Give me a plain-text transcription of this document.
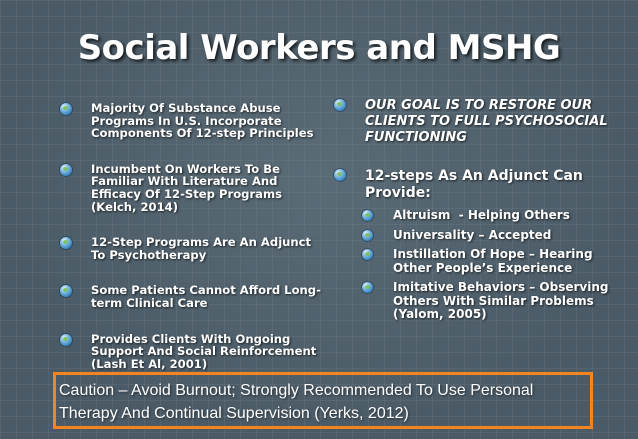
Social Workers and MSHG
Majority Of Substance Abuse Programs In U.S. Incorporate Components Of 12-step Principles
Incumbent On Workers To Be Familiar With Literature And Efficacy Of 12-Step Programs (Kelch, 2014)
12-Step Programs Are An Adjunct To Psychotherapy
Some Patients Cannot Afford Long-term Clinical Care
Provides Clients With Ongoing Support And Social Reinforcement (Lash Et Al, 2001)
OUR GOAL IS TO RESTORE OUR CLIENTS TO FULL PSYCHOSOCIAL FUNCTIONING
12-steps As An Adjunct Can Provide:
Altruism  - Helping Others
Universality – Accepted
Instillation Of Hope – Hearing Other People’s Experience
Imitative Behaviors – Observing Others With Similar Problems (Yalom, 2005)
Caution – Avoid Burnout; Strongly Recommended To Use Personal Therapy And Continual Supervision (Yerks, 2012)
